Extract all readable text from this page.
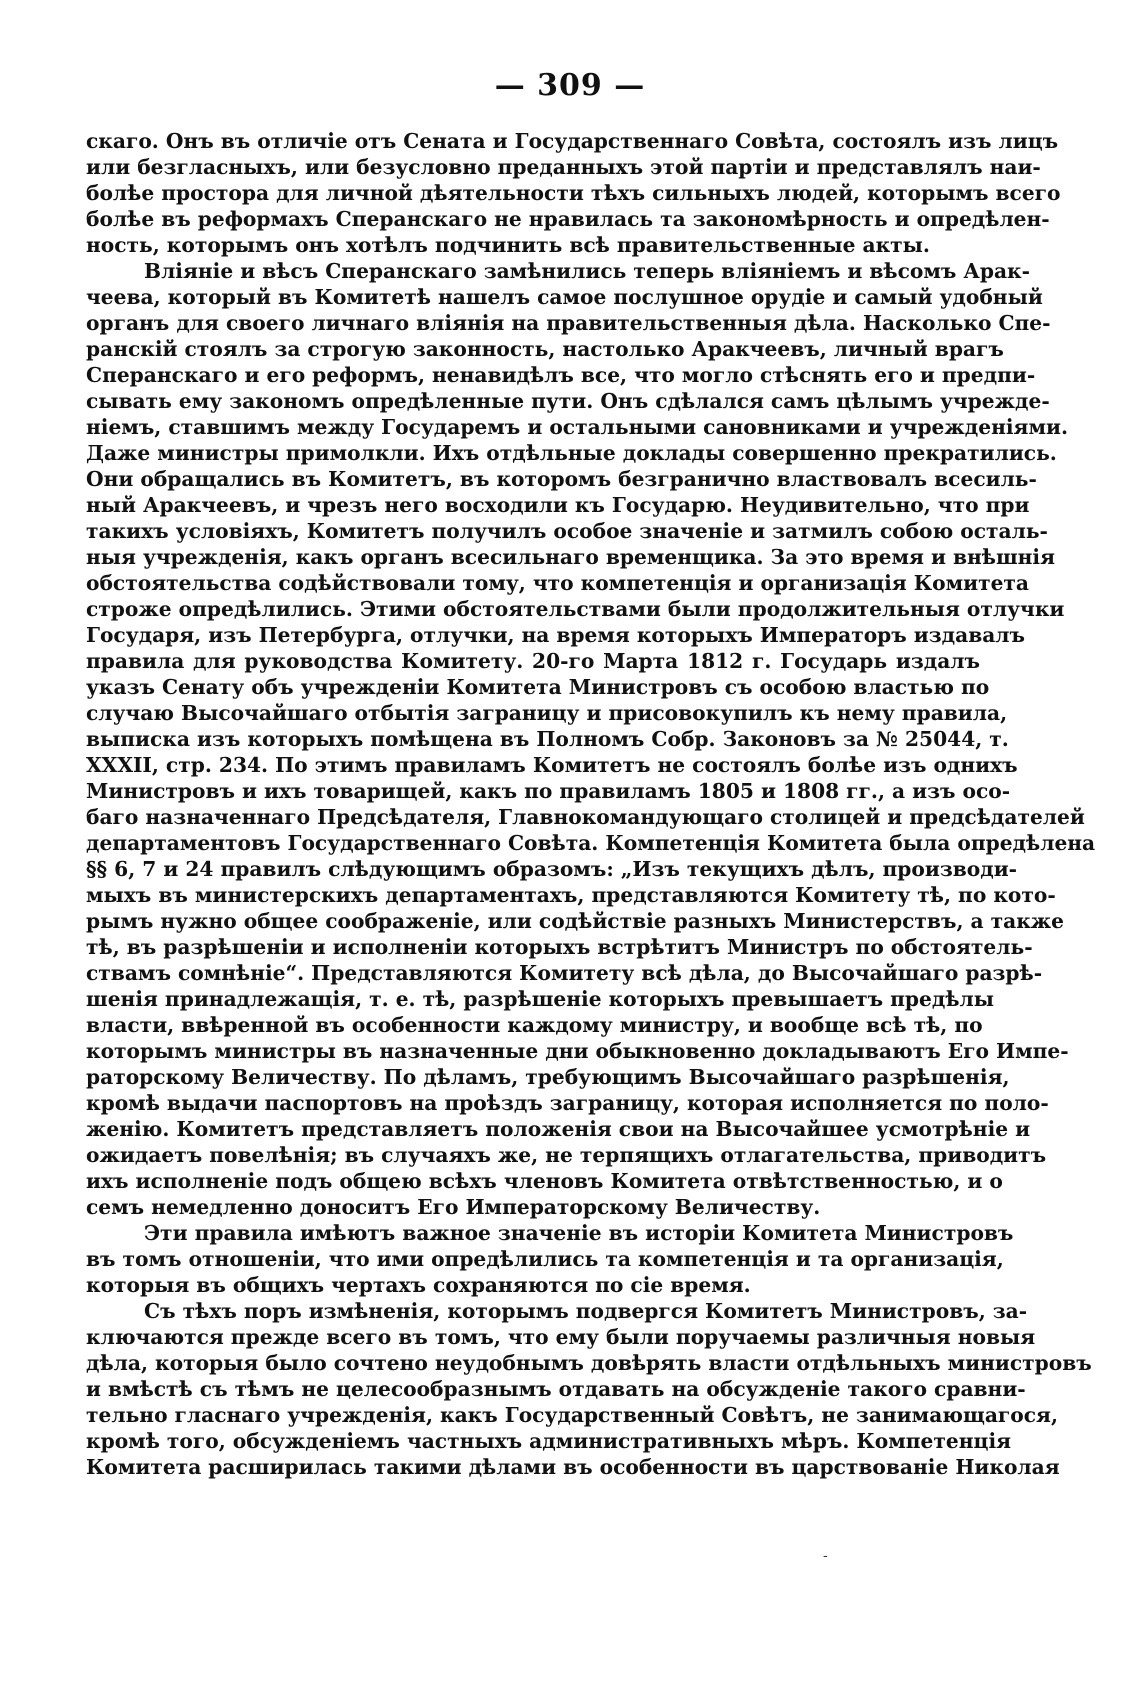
— 309 —
скаго. Онъ въ отличіе отъ Сената и Государственнаго Совѣта, состоялъ изъ лицъ
или безгласныхъ, или безусловно преданныхъ этой партіи и представлялъ наи-
болѣе простора для личной дѣятельности тѣхъ сильныхъ людей, которымъ всего
болѣе въ реформахъ Сперанскаго не нравилась та закономѣрность и опредѣлен-
ность, которымъ онъ хотѣлъ подчинить всѣ правительственные акты.
Вліяніе и вѣсъ Сперанскаго замѣнились теперь вліяніемъ и вѣсомъ Арак-
чеева, который въ Комитетѣ нашелъ самое послушное орудіе и самый удобный
органъ для своего личнаго вліянія на правительственныя дѣла. Насколько Спе-
ранскій стоялъ за строгую законность, настолько Аракчеевъ, личный врагъ
Сперанскаго и его реформъ, ненавидѣлъ все, что могло стѣснять его и предпи-
сывать ему закономъ опредѣленные пути. Онъ сдѣлался самъ цѣлымъ учрежде-
ніемъ, ставшимъ между Государемъ и остальными сановниками и учрежденіями.
Даже министры примолкли. Ихъ отдѣльные доклады совершенно прекратились.
Они обращались въ Комитетъ, въ которомъ безгранично властвовалъ всесиль-
ный Аракчеевъ, и чрезъ него восходили къ Государю. Неудивительно, что при
такихъ условіяхъ, Комитетъ получилъ особое значеніе и затмилъ собою осталь-
ныя учрежденія, какъ органъ всесильнаго временщика. За это время и внѣшнія
обстоятельства содѣйствовали тому, что компетенція и организація Комитета
строже опредѣлились. Этими обстоятельствами были продолжительныя отлучки
Государя, изъ Петербурга, отлучки, на время которыхъ Императоръ издавалъ
правила для руководства Комитету. 20-го Марта 1812 г. Государь издалъ
указъ Сенату объ учрежденіи Комитета Министровъ съ особою властью по
случаю Высочайшаго отбытія заграницу и присовокупилъ къ нему правила,
выписка изъ которыхъ помѣщена въ Полномъ Собр. Законовъ за № 25044, т.
XXXII, стр. 234. По этимъ правиламъ Комитетъ не состоялъ болѣе изъ однихъ
Министровъ и ихъ товарищей, какъ по правиламъ 1805 и 1808 гг., а изъ осо-
баго назначеннаго Предсѣдателя, Главнокомандующаго столицей и предсѣдателей
департаментовъ Государственнаго Совѣта. Компетенція Комитета была опредѣлена
§§ 6, 7 и 24 правилъ слѣдующимъ образомъ: „Изъ текущихъ дѣлъ, производи-
мыхъ въ министерскихъ департаментахъ, представляются Комитету тѣ, по кото-
рымъ нужно общее соображеніе, или содѣйствіе разныхъ Министерствъ, а также
тѣ, въ разрѣшеніи и исполненіи которыхъ встрѣтитъ Министръ по обстоятель-
ствамъ сомнѣніе“. Представляются Комитету всѣ дѣла, до Высочайшаго разрѣ-
шенія принадлежащія, т. е. тѣ, разрѣшеніе которыхъ превышаетъ предѣлы
власти, ввѣренной въ особенности каждому министру, и вообще всѣ тѣ, по
которымъ министры въ назначенные дни обыкновенно докладываютъ Его Импе-
раторскому Величеству. По дѣламъ, требующимъ Высочайшаго разрѣшенія,
кромѣ выдачи паспортовъ на проѣздъ заграницу, которая исполняется по поло-
женію. Комитетъ представляетъ положенія свои на Высочайшее усмотрѣніе и
ожидаетъ повелѣнія; въ случаяхъ же, не терпящихъ отлагательства, приводитъ
ихъ исполненіе подъ общею всѣхъ членовъ Комитета отвѣтственностью, и о
семъ немедленно доноситъ Его Императорскому Величеству.
Эти правила имѣютъ важное значеніе въ исторіи Комитета Министровъ
въ томъ отношеніи, что ими опредѣлились та компетенція и та организація,
которыя въ общихъ чертахъ сохраняются по сіе время.
Съ тѣхъ поръ измѣненія, которымъ подвергся Комитетъ Министровъ, за-
ключаются прежде всего въ томъ, что ему были поручаемы различныя новыя
дѣла, которыя было сочтено неудобнымъ довѣрять власти отдѣльныхъ министровъ
и вмѣстѣ съ тѣмъ не целесообразнымъ отдавать на обсужденіе такого сравни-
тельно гласнаго учрежденія, какъ Государственный Совѣтъ, не занимающагося,
кромѣ того, обсужденіемъ частныхъ административныхъ мѣръ. Компетенція
Комитета расширилась такими дѣлами въ особенности въ царствованіе Николая
-
